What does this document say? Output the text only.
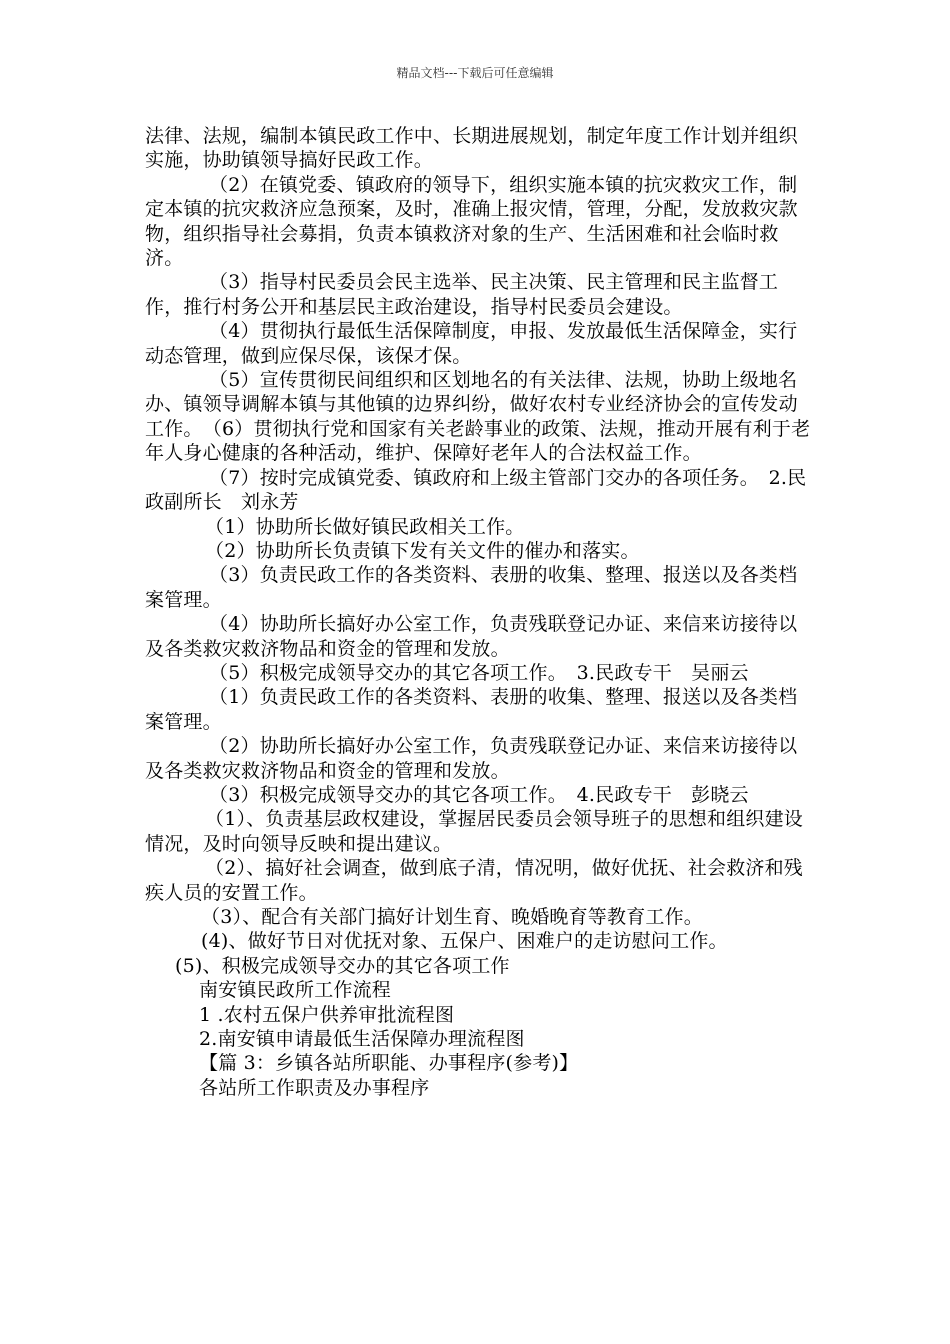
精品文档---下载后可任意编辑

法律、法规，编制本镇民政工作中、长期进展规划，制定年度工作计划并组织实施，协助镇领导搞好民政工作。

（2）在镇党委、镇政府的领导下，组织实施本镇的抗灾救灾工作，制定本镇的抗灾救济应急预案，及时，准确上报灾情，管理，分配，发放救灾款物，组织指导社会募捐，负责本镇救济对象的生产、生活困难和社会临时救济。

（3）指导村民委员会民主选举、民主决策、民主管理和民主监督工作，推行村务公开和基层民主政治建设，指导村民委员会建设。

（4）贯彻执行最低生活保障制度，申报、发放最低生活保障金，实行动态管理，做到应保尽保，该保才保。

（5）宣传贯彻民间组织和区划地名的有关法律、法规，协助上级地名办、镇领导调解本镇与其他镇的边界纠纷，做好农村专业经济协会的宣传发动工作。　（6）贯彻执行党和国家有关老龄事业的政策、法规，推动开展有利于老年人身心健康的各种活动，维护、保障好老年人的合法权益工作。

（7）按时完成镇党委、镇政府和上级主管部门交办的各项任务。　2.民政副所长　刘永芳

（1）协助所长做好镇民政相关工作。

（2）协助所长负责镇下发有关文件的催办和落实。

（3）负责民政工作的各类资料、表册的收集、整理、报送以及各类档案管理。

（4）协助所长搞好办公室工作，负责残联登记办证、来信来访接待以及各类救灾救济物品和资金的管理和发放。

（5）积极完成领导交办的其它各项工作。　3.民政专干　吴丽云

（1）负责民政工作的各类资料、表册的收集、整理、报送以及各类档案管理。

（2）协助所长搞好办公室工作，负责残联登记办证、来信来访接待以及各类救灾救济物品和资金的管理和发放。

（3）积极完成领导交办的其它各项工作。　4.民政专干　彭晓云

（1）、负责基层政权建设，掌握居民委员会领导班子的思想和组织建设情况，及时向领导反映和提出建议。

（2）、搞好社会调查，做到底子清，情况明，做好优抚、社会救济和残疾人员的安置工作。

（3）、配合有关部门搞好计划生育、晚婚晚育等教育工作。

(4)、做好节日对优抚对象、五保户、困难户的走访慰问工作。

(5)、积极完成领导交办的其它各项工作

南安镇民政所工作流程

1 .农村五保户供养审批流程图

2.南安镇申请最低生活保障办理流程图

【篇 3：乡镇各站所职能、办事程序(参考)】

各站所工作职责及办事程序
